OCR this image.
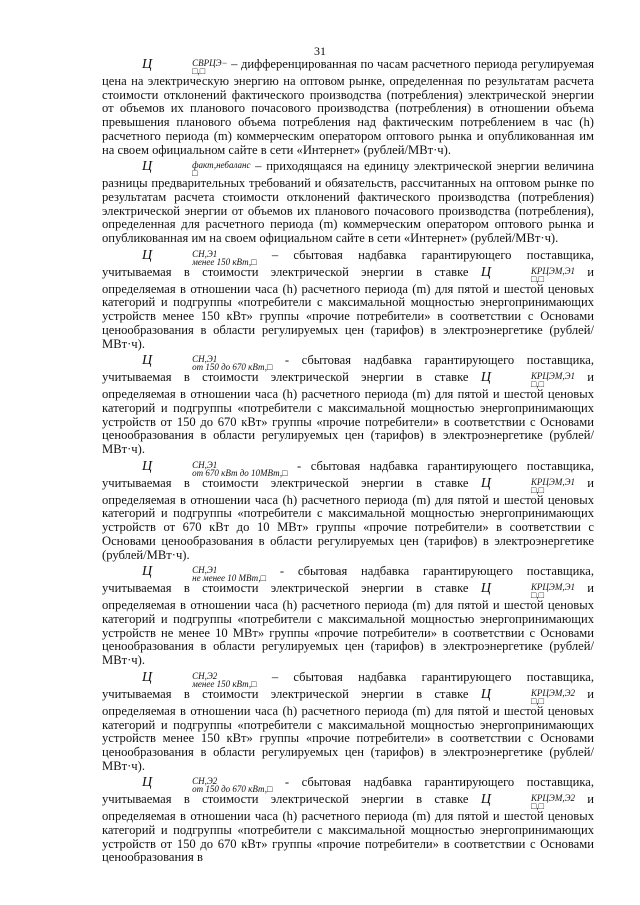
31

Ц	СВРЦЭ−
□,□	– дифференцированная по часам расчетного периода регулируемая цена на электрическую энергию на оптовом рынке, определенная по результатам расчета стоимости отклонений фактического производства (потребления) электрической энергии от объемов их планового почасового производства (потребления) в отношении объема превышения планового объема потребления над фактическим потреблением в час (h) расчетного периода (m) коммерческим оператором оптового рынка и опубликованная им на своем официальном сайте в сети «Интернет» (рублей/МВт·ч).

Ц	факт,небаланс
□	– приходящаяся на единицу электрической энергии величина разницы предварительных требований и обязательств, рассчитанных на оптовом рынке по результатам расчета стоимости отклонений фактического производства (потребления) электрической энергии от объемов их планового почасового производства (потребления), определенная для расчетного периода (m) коммерческим оператором оптового рынка и опубликованная им на своем официальном сайте в сети «Интернет» (рублей/МВт·ч).

Ц	СН,Э1
менее 150 кВт,□ – сбытовая надбавка гарантирующего поставщика, учитываемая в стоимости электрической энергии в ставке Ц	КРЦЭМ,Э1
□,□	и определяемая в отношении часа (h) расчетного периода (m) для пятой и шестой ценовых категорий и подгруппы «потребители с максимальной мощностью энергопринимающих устройств менее 150 кВт» группы «прочие потребители» в соответствии с Основами ценообразования в области регулируемых цен (тарифов) в электроэнергетике (рублей/МВт·ч).

Ц	СН,Э1
от 150 до 670 кВт,□ - сбытовая надбавка гарантирующего поставщика, учитываемая в стоимости электрической энергии в ставке Ц	КРЦЭМ,Э1
□,□	и определяемая в отношении часа (h) расчетного периода (m) для пятой и шестой ценовых категорий и подгруппы «потребители с максимальной мощностью энергопринимающих устройств от 150 до 670 кВт» группы «прочие потребители» в соответствии с Основами ценообразования в области регулируемых цен (тарифов) в электроэнергетике (рублей/МВт·ч).

Ц	СН,Э1
от 670 кВт до 10МВт,□ - сбытовая надбавка гарантирующего поставщика, учитываемая в стоимости электрической энергии в ставке Ц	КРЦЭМ,Э1
□,□	и определяемая в отношении часа (h) расчетного периода (m) для пятой и шестой ценовых категорий и подгруппы «потребители с максимальной мощностью энергопринимающих устройств от 670 кВт до 10 МВт» группы «прочие потребители» в соответствии с Основами ценообразования в области регулируемых цен (тарифов) в электроэнергетике (рублей/МВт·ч).

Ц	СН,Э1
не менее 10 МВт,□ - сбытовая надбавка гарантирующего поставщика, учитываемая в стоимости электрической энергии в ставке Ц	КРЦЭМ,Э1
□,□	и определяемая в отношении часа (h) расчетного периода (m) для пятой и шестой ценовых категорий и подгруппы «потребители с максимальной мощностью энергопринимающих устройств не менее 10 МВт» группы «прочие потребители» в соответствии с Основами ценообразования в области регулируемых цен (тарифов) в электроэнергетике (рублей/МВт·ч).

Ц	СН,Э2
менее 150 кВт,□ – сбытовая надбавка гарантирующего поставщика, учитываемая в стоимости электрической энергии в ставке Ц	КРЦЭМ,Э2
□,□	и определяемая в отношении часа (h) расчетного периода (m) для пятой и шестой ценовых категорий и подгруппы «потребители с максимальной мощностью энергопринимающих устройств менее 150 кВт» группы «прочие потребители» в соответствии с Основами ценообразования в области регулируемых цен (тарифов) в электроэнергетике (рублей/МВт·ч).

Ц	СН,Э2
от 150 до 670 кВт,□ - сбытовая надбавка гарантирующего поставщика, учитываемая в стоимости электрической энергии в ставке Ц	КРЦЭМ,Э2
□,□	и определяемая в отношении часа (h) расчетного периода (m) для пятой и шестой ценовых категорий и подгруппы «потребители с максимальной мощностью энергопринимающих устройств от 150 до 670 кВт» группы «прочие потребители» в соответствии с Основами ценообразования в
